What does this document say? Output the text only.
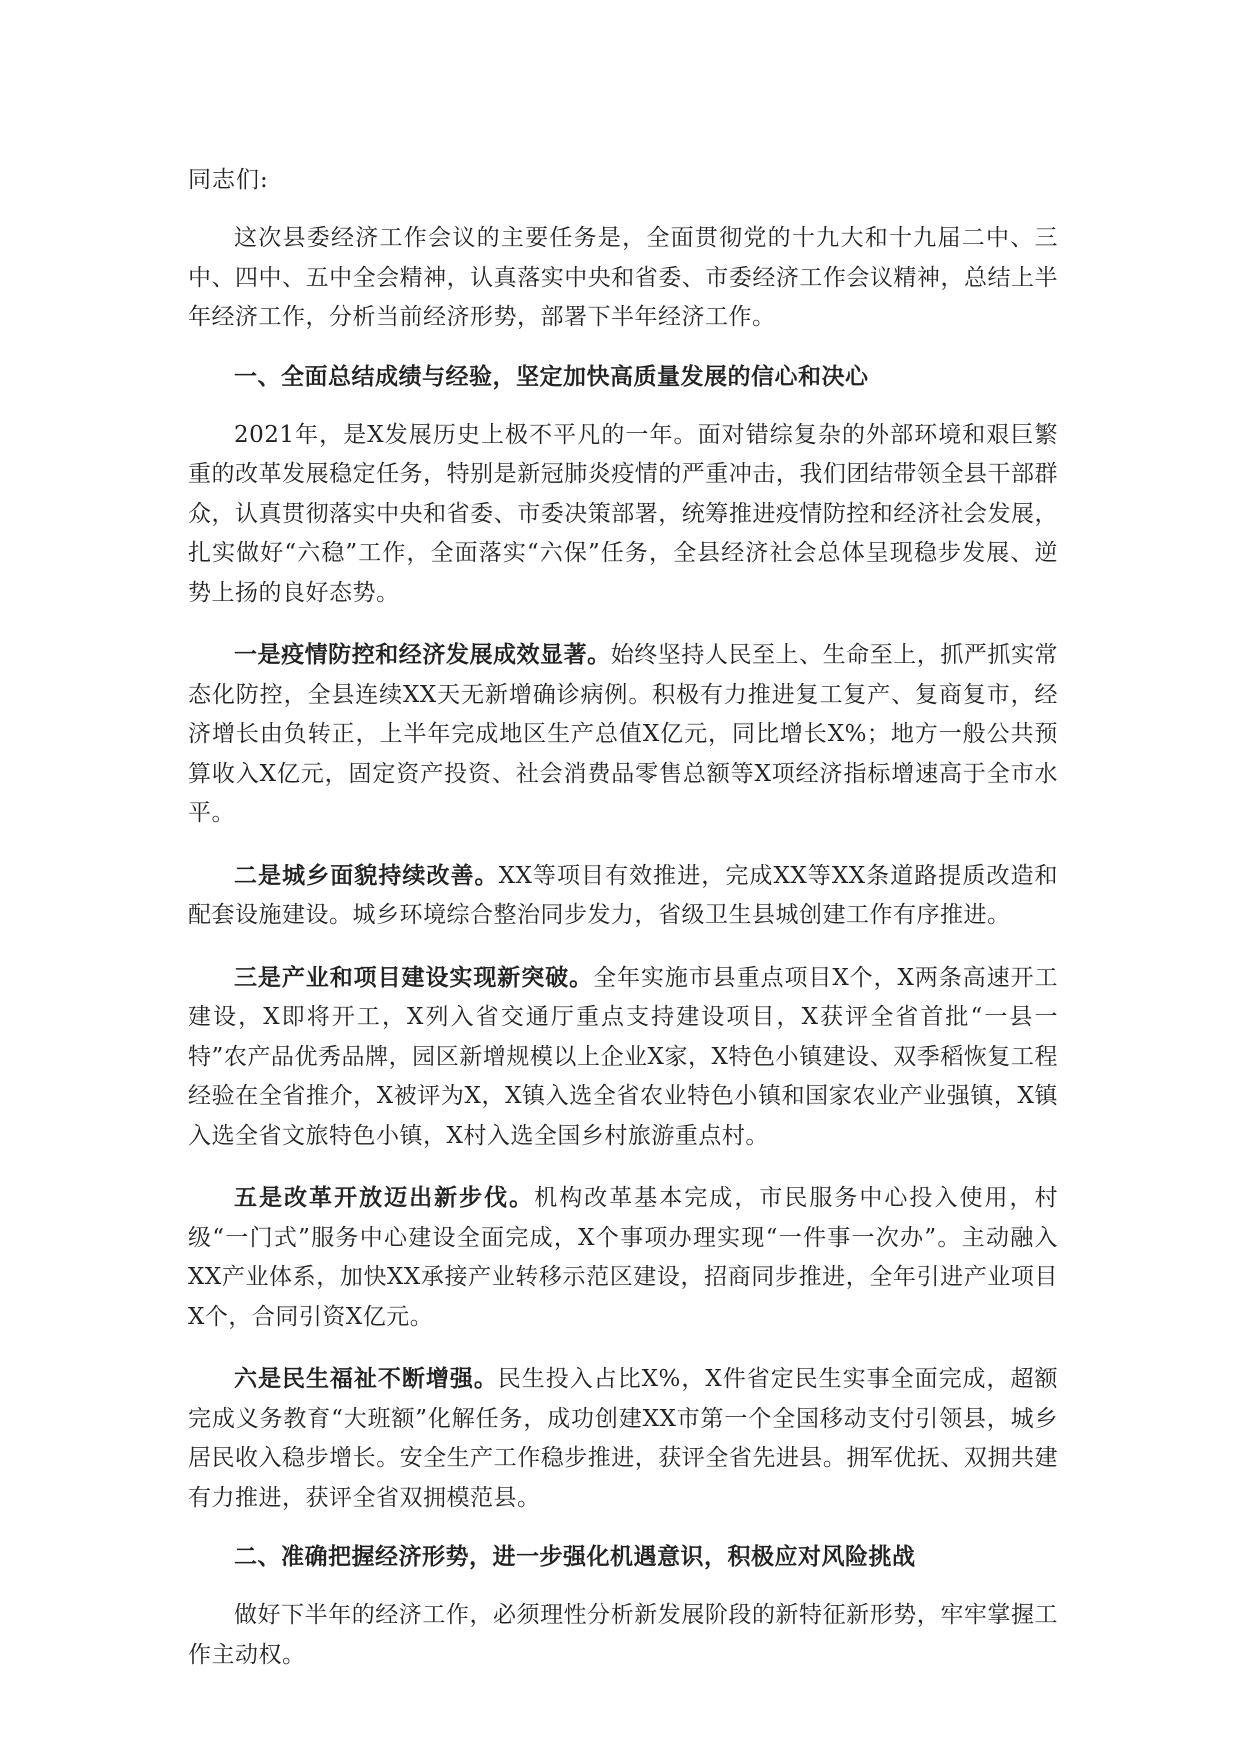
同志们:

这次县委经济工作会议的主要任务是，全面贯彻党的十九大和十九届二中、三中、四中、五中全会精神，认真落实中央和省委、市委经济工作会议精神，总结上半年经济工作，分析当前经济形势，部署下半年经济工作。

一、全面总结成绩与经验，坚定加快高质量发展的信心和决心

2021年，是X发展历史上极不平凡的一年。面对错综复杂的外部环境和艰巨繁重的改革发展稳定任务，特别是新冠肺炎疫情的严重冲击，我们团结带领全县干部群众，认真贯彻落实中央和省委、市委决策部署，统筹推进疫情防控和经济社会发展，扎实做好“六稳”工作，全面落实“六保”任务，全县经济社会总体呈现稳步发展、逆势上扬的良好态势。

一是疫情防控和经济发展成效显著。始终坚持人民至上、生命至上，抓严抓实常态化防控，全县连续XX天无新增确诊病例。积极有力推进复工复产、复商复市，经济增长由负转正，上半年完成地区生产总值X亿元，同比增长X%；地方一般公共预算收入X亿元，固定资产投资、社会消费品零售总额等X项经济指标增速高于全市水平。

二是城乡面貌持续改善。XX等项目有效推进，完成XX等XX条道路提质改造和配套设施建设。城乡环境综合整治同步发力，省级卫生县城创建工作有序推进。

三是产业和项目建设实现新突破。全年实施市县重点项目X个，X两条高速开工建设，X即将开工，X列入省交通厅重点支持建设项目，X获评全省首批“一县一特”农产品优秀品牌，园区新增规模以上企业X家，X特色小镇建设、双季稻恢复工程经验在全省推介，X被评为X，X镇入选全省农业特色小镇和国家农业产业强镇，X镇入选全省文旅特色小镇，X村入选全国乡村旅游重点村。

五是改革开放迈出新步伐。机构改革基本完成，市民服务中心投入使用，村级“一门式”服务中心建设全面完成，X个事项办理实现“一件事一次办”。主动融入XX产业体系，加快XX承接产业转移示范区建设，招商同步推进，全年引进产业项目X个，合同引资X亿元。

六是民生福祉不断增强。民生投入占比X%，X件省定民生实事全面完成，超额完成义务教育“大班额”化解任务，成功创建XX市第一个全国移动支付引领县，城乡居民收入稳步增长。安全生产工作稳步推进，获评全省先进县。拥军优抚、双拥共建有力推进，获评全省双拥模范县。

二、准确把握经济形势，进一步强化机遇意识，积极应对风险挑战

做好下半年的经济工作，必须理性分析新发展阶段的新特征新形势，牢牢掌握工作主动权。
